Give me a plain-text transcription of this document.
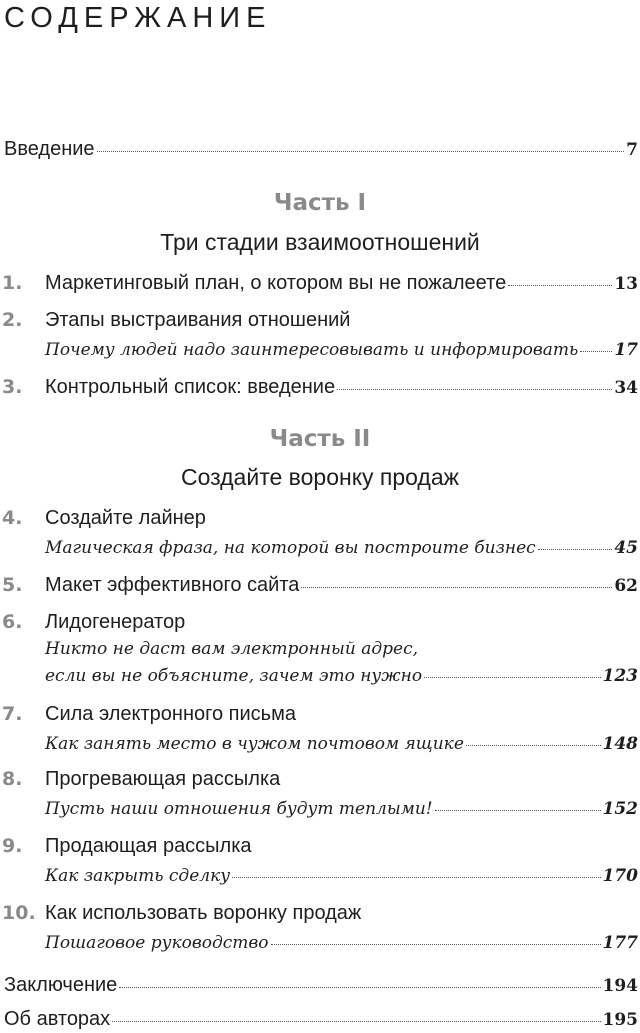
СОДЕРЖАНИЕ
Введение	7
Часть I
Три стадии взаимоотношений
1. Маркетинговый план, о котором вы не пожалеете	13
2. Этапы выстраивания отношений
Почему людей надо заинтересовывать и информировать 17
3. Контрольный список: введение	34
Часть II
Создайте воронку продаж
4. Создайте лайнер
Магическая фраза, на которой вы построите бизнес	45
5. Макет эффективного сайта	62
6. Лидогенератор
Никто не даст вам электронный адрес,
если вы не объясните, зачем это нужно	123
7. Сила электронного письма
Как занять место в чужом почтовом ящике	148
8. Прогревающая рассылка
Пусть наши отношения будут теплыми!	152
9. Продающая рассылка
Как закрыть сделку	170
10. Как использовать воронку продаж
Пошаговое руководство	177
Заключение	194
Об авторах	195
